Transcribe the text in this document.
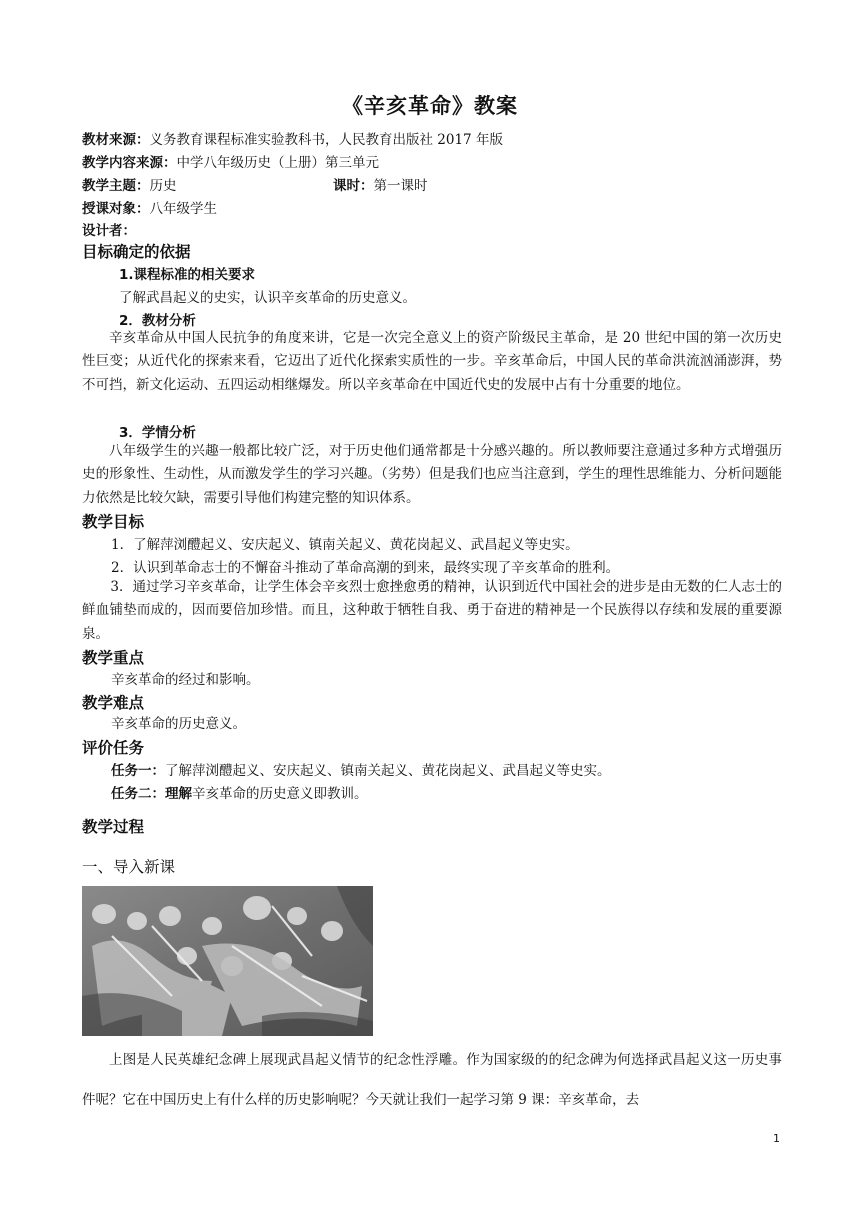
《辛亥革命》教案
教材来源：义务教育课程标准实验教科书，人民教育出版社 2017 年版
教学内容来源：中学八年级历史（上册）第三单元
教学主题：历史	课时：第一课时
授课对象：八年级学生
设计者：
目标确定的依据
1.课程标准的相关要求
了解武昌起义的史实，认识辛亥革命的历史意义。
2．教材分析

辛亥革命从中国人民抗争的角度来讲，它是一次完全意义上的资产阶级民主革命，是 20 世纪中国的第一次历史性巨变；从近代化的探索来看，它迈出了近代化探索实质性的一步。辛亥革命后，中国人民的革命洪流汹涌澎湃，势不可挡，新文化运动、五四运动相继爆发。所以辛亥革命在中国近代史的发展中占有十分重要的地位。

3．学情分析

八年级学生的兴趣一般都比较广泛，对于历史他们通常都是十分感兴趣的。所以教师要注意通过多种方式增强历史的形象性、生动性，从而激发学生的学习兴趣。（劣势）但是我们也应当注意到，学生的理性思维能力、分析问题能力依然是比较欠缺，需要引导他们构建完整的知识体系。

教学目标
1．了解萍浏醴起义、安庆起义、镇南关起义、黄花岗起义、武昌起义等史实。
2．认识到革命志士的不懈奋斗推动了革命高潮的到来，最终实现了辛亥革命的胜利。

3．通过学习辛亥革命，让学生体会辛亥烈士愈挫愈勇的精神，认识到近代中国社会的进步是由无数的仁人志士的鲜血铺垫而成的，因而要倍加珍惜。而且，这种敢于牺牲自我、勇于奋进的精神是一个民族得以存续和发展的重要源泉。

教学重点
辛亥革命的经过和影响。
教学难点
辛亥革命的历史意义。
评价任务
任务一：了解萍浏醴起义、安庆起义、镇南关起义、黄花岗起义、武昌起义等史实。
任务二：理解辛亥革命的历史意义即教训。
教学过程
一、导入新课

上图是人民英雄纪念碑上展现武昌起义情节的纪念性浮雕。作为国家级的的纪念碑为何选择武昌起义这一历史事件呢？它在中国历史上有什么样的历史影响呢？今天就让我们一起学习第 9 课：辛亥革命，去

1
